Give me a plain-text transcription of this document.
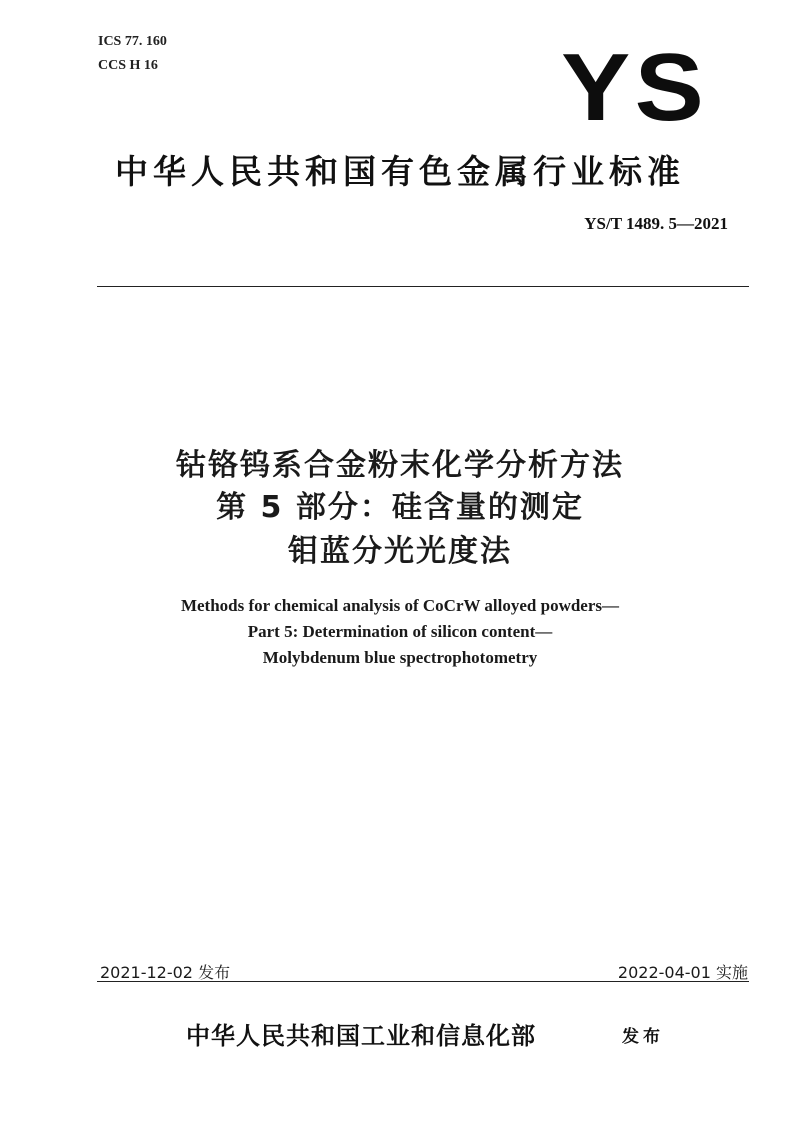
ICS 77. 160
CCS H 16	YS
中华人民共和国有色金属行业标准
YS/T 1489. 5—2021
钴铬钨系合金粉末化学分析方法
第 5 部分：硅含量的测定
钼蓝分光光度法
Methods for chemical analysis of CoCrW alloyed powders—
Part 5: Determination of silicon content—
Molybdenum blue spectrophotometry
2021-12-02 发布	2022-04-01 实施
中华人民共和国工业和信息化部	发布
